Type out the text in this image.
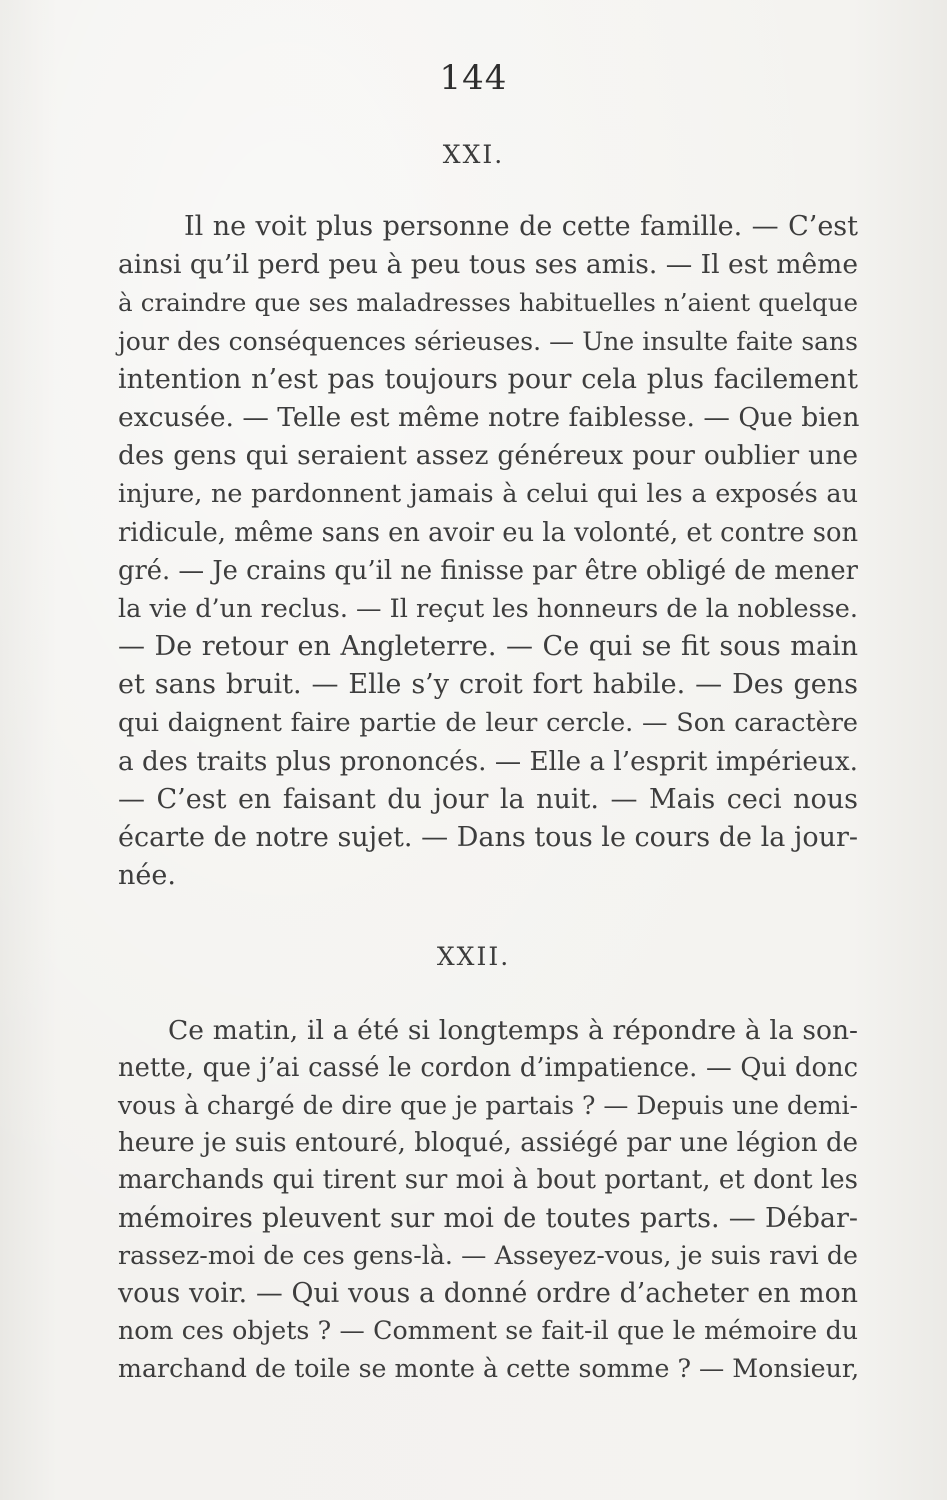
144
XXI.
Il ne voit plus personne de cette famille. — C’est
ainsi qu’il perd peu à peu tous ses amis. — Il est même
à craindre que ses maladresses habituelles n’aient quelque
jour des conséquences sérieuses. — Une insulte faite sans
intention n’est pas toujours pour cela plus facilement
excusée. — Telle est même notre faiblesse. — Que bien
des gens qui seraient assez généreux pour oublier une
injure, ne pardonnent jamais à celui qui les a exposés au
ridicule, même sans en avoir eu la volonté, et contre son
gré. — Je crains qu’il ne finisse par être obligé de mener
la vie d’un reclus. — Il reçut les honneurs de la noblesse.
— De retour en Angleterre. — Ce qui se fit sous main
et sans bruit. — Elle s’y croit fort habile. — Des gens
qui daignent faire partie de leur cercle. — Son caractère
a des traits plus prononcés. — Elle a l’esprit impérieux.
— C’est en faisant du jour la nuit. — Mais ceci nous
écarte de notre sujet. — Dans tous le cours de la jour-
née.
XXII.
Ce matin, il a été si longtemps à répondre à la son-
nette, que j’ai cassé le cordon d’impatience. — Qui donc
vous à chargé de dire que je partais ? — Depuis une demi-
heure je suis entouré, bloqué, assiégé par une légion de
marchands qui tirent sur moi à bout portant, et dont les
mémoires pleuvent sur moi de toutes parts. — Débar-
rassez-moi de ces gens-là. — Asseyez-vous, je suis ravi de
vous voir. — Qui vous a donné ordre d’acheter en mon
nom ces objets ? — Comment se fait-il que le mémoire du
marchand de toile se monte à cette somme ? — Monsieur,
